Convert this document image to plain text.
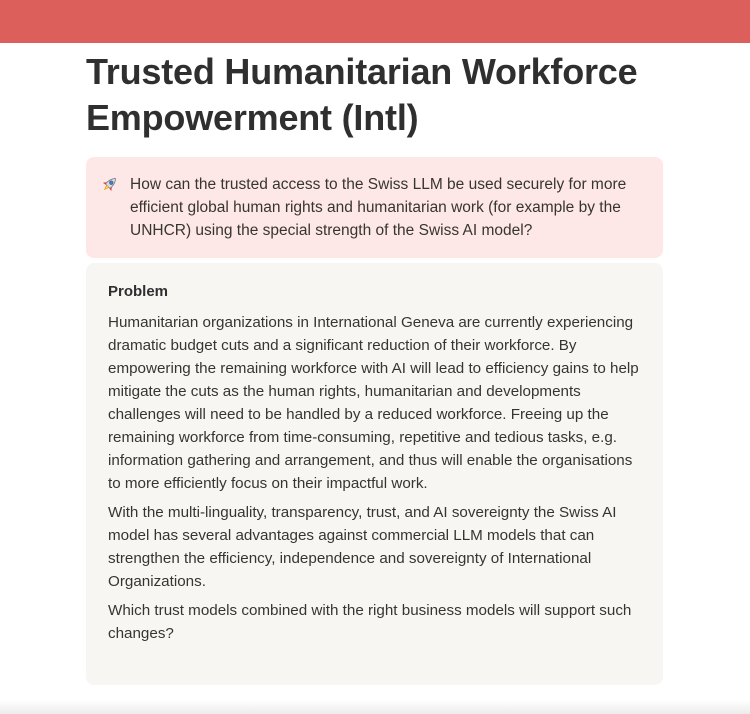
Trusted Humanitarian Workforce Empowerment (Intl)
How can the trusted access to the Swiss LLM be used securely for more efficient global human rights and humanitarian work (for example by the UNHCR) using the special strength of the Swiss AI model?
Problem

Humanitarian organizations in International Geneva are currently experiencing dramatic budget cuts and a significant reduction of their workforce. By empowering the remaining workforce with AI will lead to efficiency gains to help mitigate the cuts as the human rights, humanitarian and developments challenges will need to be handled by a reduced workforce. Freeing up the remaining workforce from time-consuming, repetitive and tedious tasks, e.g. information gathering and arrangement, and thus will enable the organisations to more efficiently focus on their impactful work.

With the multi-linguality, transparency, trust, and AI sovereignty the Swiss AI model has several advantages against commercial LLM models that can strengthen the efficiency, independence and sovereignty of International Organizations.

Which trust models combined with the right business models will support such changes?
